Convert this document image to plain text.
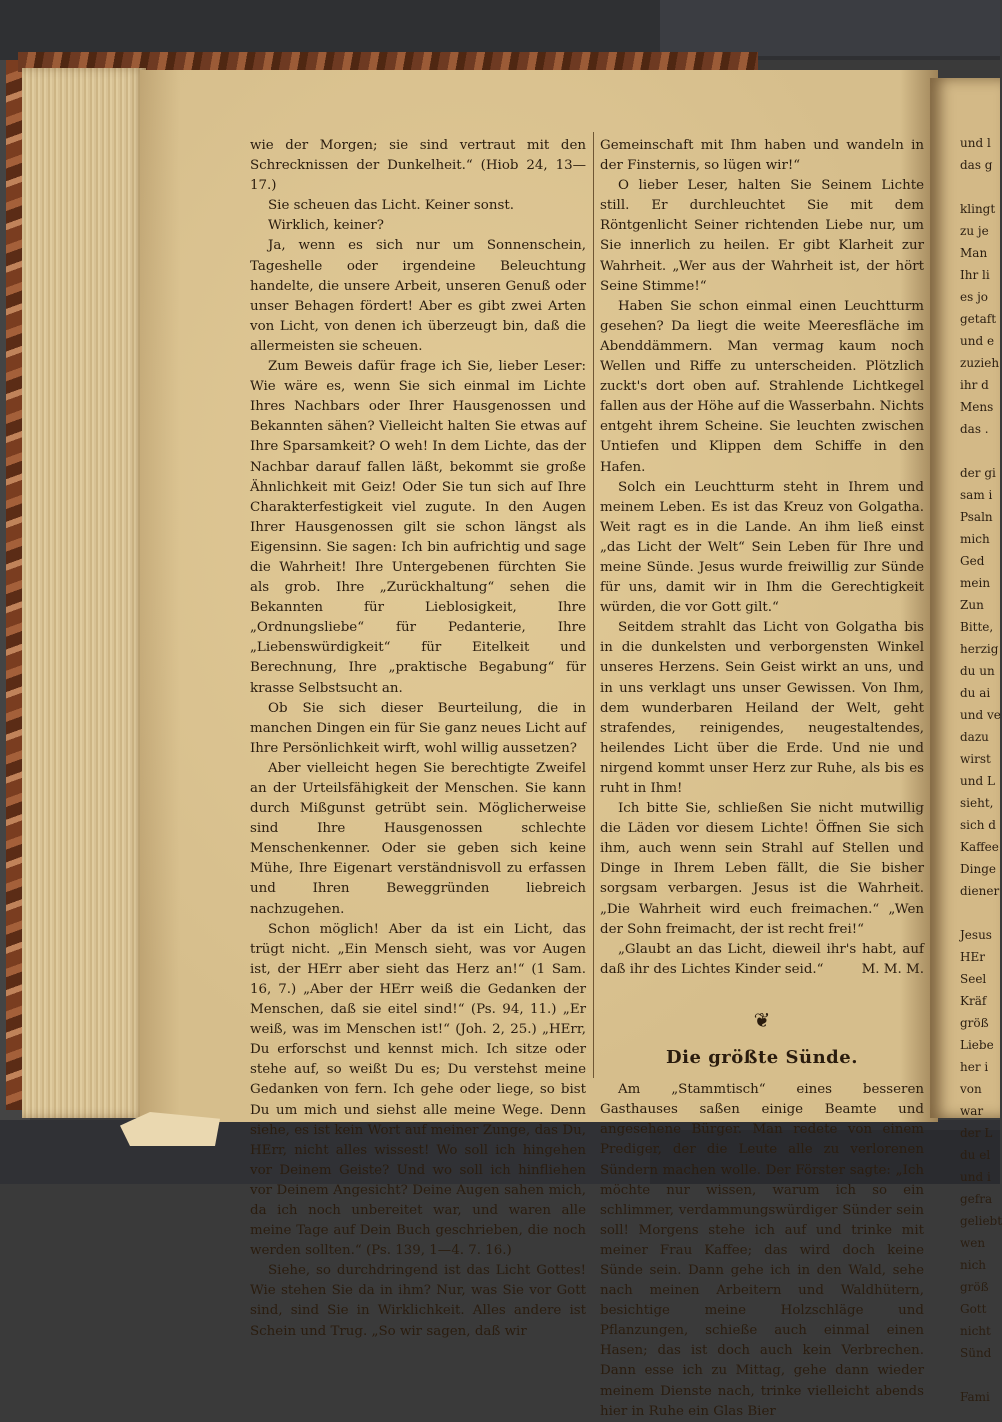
und l
das g

klingt
zu je
Man
Ihr li
es jo
getaft
und e
zuzieh
ihr d
Mens
das .

der gi
sam i
Psaln
mich
Ged
mein
Zun
Bitte,
herzig
du un
du ai
und ve
dazu
wirst
und L
sieht,
sich d
Kaffee
Dinge
diener

Jesus
HEr
Seel
Kräf
größ
Liebe
her i
von
war
der L
du el
und i
gefra
geliebt
wen
nich
größ
Gott
nicht
Sünd

Fami

wie der Morgen; sie sind vertraut mit den Schrecknissen der Dunkelheit.“ (Hiob 24, 13—17.)

Sie scheuen das Licht. Keiner sonst.

Wirklich, keiner?

Ja, wenn es sich nur um Sonnenschein, Tageshelle oder irgendeine Beleuchtung handelte, die unsere Arbeit, unseren Genuß oder unser Behagen fördert! Aber es gibt zwei Arten von Licht, von denen ich überzeugt bin, daß die allermeisten sie scheuen.

Zum Beweis dafür frage ich Sie, lieber Leser: Wie wäre es, wenn Sie sich einmal im Lichte Ihres Nachbars oder Ihrer Hausgenossen und Bekannten sähen? Vielleicht halten Sie etwas auf Ihre Sparsamkeit? O weh! In dem Lichte, das der Nachbar darauf fallen läßt, bekommt sie große Ähnlichkeit mit Geiz! Oder Sie tun sich auf Ihre Charakterfestigkeit viel zugute. In den Augen Ihrer Hausgenossen gilt sie schon längst als Eigensinn. Sie sagen: Ich bin aufrichtig und sage die Wahrheit! Ihre Untergebenen fürchten Sie als grob. Ihre „Zurückhaltung“ sehen die Bekannten für Lieblosigkeit, Ihre „Ordnungsliebe“ für Pedanterie, Ihre „Liebenswürdigkeit“ für Eitelkeit und Berechnung, Ihre „praktische Begabung“ für krasse Selbstsucht an.

Ob Sie sich dieser Beurteilung, die in manchen Dingen ein für Sie ganz neues Licht auf Ihre Persönlichkeit wirft, wohl willig aussetzen?

Aber vielleicht hegen Sie berechtigte Zweifel an der Urteilsfähigkeit der Menschen. Sie kann durch Mißgunst getrübt sein. Möglicherweise sind Ihre Hausgenossen schlechte Menschenkenner. Oder sie geben sich keine Mühe, Ihre Eigenart verständnisvoll zu erfassen und Ihren Beweggründen liebreich nachzugehen.

Schon möglich! Aber da ist ein Licht, das trügt nicht. „Ein Mensch sieht, was vor Augen ist, der HErr aber sieht das Herz an!“ (1 Sam. 16, 7.) „Aber der HErr weiß die Gedanken der Menschen, daß sie eitel sind!“ (Ps. 94, 11.) „Er weiß, was im Menschen ist!“ (Joh. 2, 25.) „HErr, Du erforschst und kennst mich. Ich sitze oder stehe auf, so weißt Du es; Du verstehst meine Gedanken von fern. Ich gehe oder liege, so bist Du um mich und siehst alle meine Wege. Denn siehe, es ist kein Wort auf meiner Zunge, das Du, HErr, nicht alles wissest! Wo soll ich hingehen vor Deinem Geiste? Und wo soll ich hinfliehen vor Deinem Angesicht? Deine Augen sahen mich, da ich noch unbereitet war, und waren alle meine Tage auf Dein Buch geschrieben, die noch werden sollten.“ (Ps. 139, 1—4. 7. 16.)

Siehe, so durchdringend ist das Licht Gottes! Wie stehen Sie da in ihm? Nur, was Sie vor Gott sind, sind Sie in Wirklichkeit. Alles andere ist Schein und Trug. „So wir sagen, daß wir

Gemeinschaft mit Ihm haben und wandeln in der Finsternis, so lügen wir!“

O lieber Leser, halten Sie Seinem Lichte still. Er durchleuchtet Sie mit dem Röntgenlicht Seiner richtenden Liebe nur, um Sie innerlich zu heilen. Er gibt Klarheit zur Wahrheit. „Wer aus der Wahrheit ist, der hört Seine Stimme!“

Haben Sie schon einmal einen Leuchtturm gesehen? Da liegt die weite Meeresfläche im Abenddämmern. Man vermag kaum noch Wellen und Riffe zu unterscheiden. Plötzlich zuckt's dort oben auf. Strahlende Lichtkegel fallen aus der Höhe auf die Wasserbahn. Nichts entgeht ihrem Scheine. Sie leuchten zwischen Untiefen und Klippen dem Schiffe in den Hafen.

Solch ein Leuchtturm steht in Ihrem und meinem Leben. Es ist das Kreuz von Golgatha. Weit ragt es in die Lande. An ihm ließ einst „das Licht der Welt“ Sein Leben für Ihre und meine Sünde. Jesus wurde freiwillig zur Sünde für uns, damit wir in Ihm die Gerechtigkeit würden, die vor Gott gilt.“

Seitdem strahlt das Licht von Golgatha bis in die dunkelsten und verborgensten Winkel unseres Herzens. Sein Geist wirkt an uns, und in uns verklagt uns unser Gewissen. Von Ihm, dem wunderbaren Heiland der Welt, geht strafendes, reinigendes, neugestaltendes, heilendes Licht über die Erde. Und nie und nirgend kommt unser Herz zur Ruhe, als bis es ruht in Ihm!

Ich bitte Sie, schließen Sie nicht mutwillig die Läden vor diesem Lichte! Öffnen Sie sich ihm, auch wenn sein Strahl auf Stellen und Dinge in Ihrem Leben fällt, die Sie bisher sorgsam verbargen. Jesus ist die Wahrheit. „Die Wahrheit wird euch freimachen.“ „Wen der Sohn freimacht, der ist recht frei!“

„Glaubt an das Licht, dieweil ihr's habt, auf daß ihr des Lichtes Kinder seid.“	M. M. M.

❦
Die größte Sünde.

Am „Stammtisch“ eines besseren Gasthauses saßen einige Beamte und angesehene Bürger. Man redete von einem Prediger, der die Leute alle zu verlorenen Sündern machen wolle. Der Förster sagte: „Ich möchte nur wissen, warum ich so ein schlimmer, verdammungswürdiger Sünder sein soll! Morgens stehe ich auf und trinke mit meiner Frau Kaffee; das wird doch keine Sünde sein. Dann gehe ich in den Wald, sehe nach meinen Arbeitern und Waldhütern, besichtige meine Holzschläge und Pflanzungen, schieße auch einmal einen Hasen; das ist doch auch kein Verbrechen. Dann esse ich zu Mittag, gehe dann wieder meinem Dienste nach, trinke vielleicht abends hier in Ruhe ein Glas Bier
